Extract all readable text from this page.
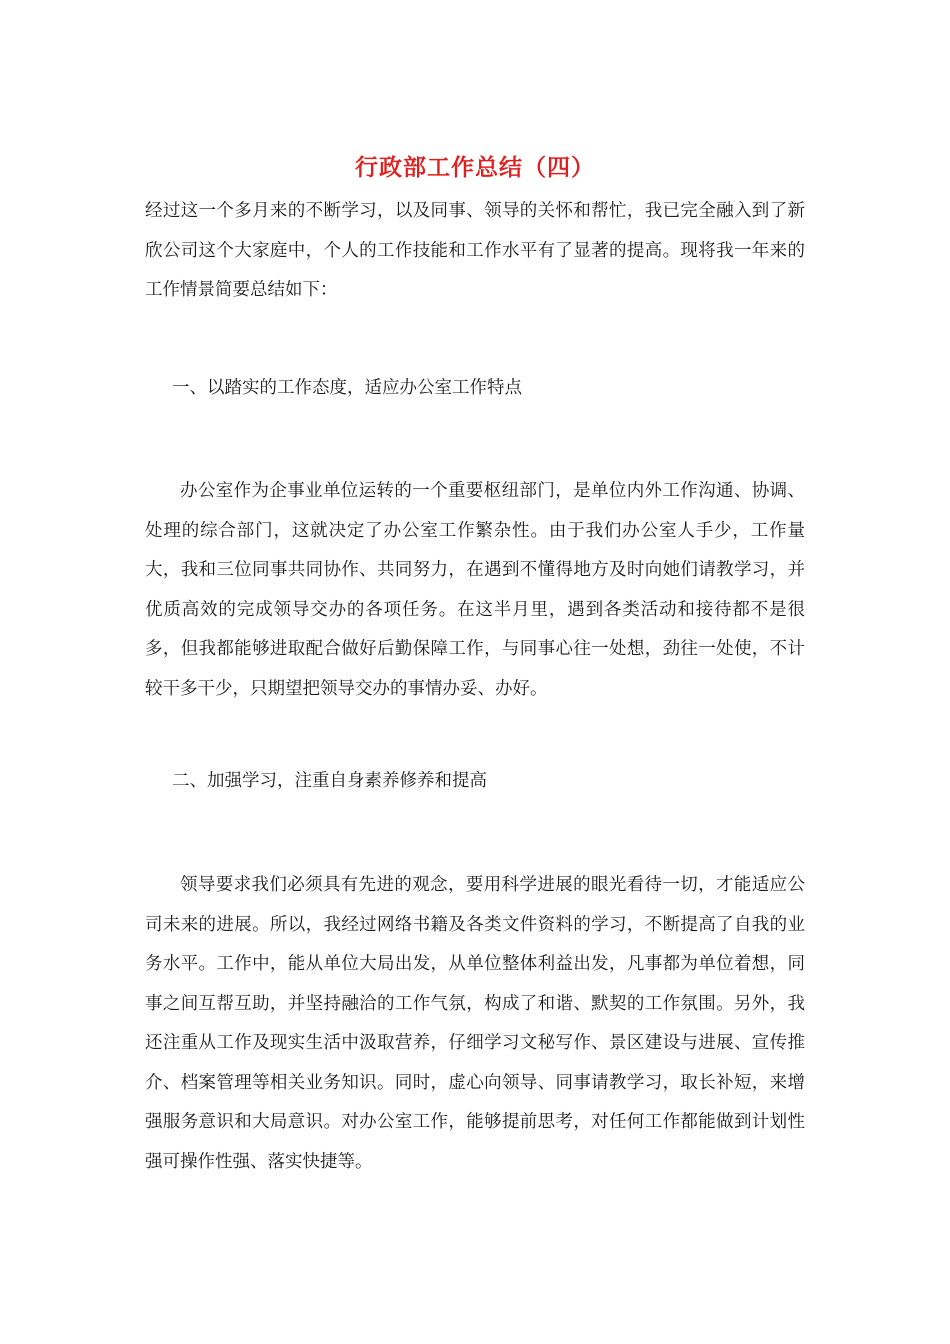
行政部工作总结（四）

经过这一个多月来的不断学习，以及同事、领导的关怀和帮忙，我已完全融入到了新欣公司这个大家庭中，个人的工作技能和工作水平有了显著的提高。现将我一年来的工作情景简要总结如下：

一、以踏实的工作态度，适应办公室工作特点

办公室作为企事业单位运转的一个重要枢纽部门，是单位内外工作沟通、协调、处理的综合部门，这就决定了办公室工作繁杂性。由于我们办公室人手少，工作量大，我和三位同事共同协作、共同努力，在遇到不懂得地方及时向她们请教学习，并优质高效的完成领导交办的各项任务。在这半月里，遇到各类活动和接待都不是很多，但我都能够进取配合做好后勤保障工作，与同事心往一处想，劲往一处使，不计较干多干少，只期望把领导交办的事情办妥、办好。

二、加强学习，注重自身素养修养和提高

领导要求我们必须具有先进的观念，要用科学进展的眼光看待一切，才能适应公司未来的进展。所以，我经过网络书籍及各类文件资料的学习，不断提高了自我的业务水平。工作中，能从单位大局出发，从单位整体利益出发，凡事都为单位着想，同事之间互帮互助，并坚持融洽的工作气氛，构成了和谐、默契的工作氛围。另外，我还注重从工作及现实生活中汲取营养，仔细学习文秘写作、景区建设与进展、宣传推介、档案管理等相关业务知识。同时，虚心向领导、同事请教学习，取长补短，来增强服务意识和大局意识。对办公室工作，能够提前思考，对任何工作都能做到计划性强可操作性强、落实快捷等。
